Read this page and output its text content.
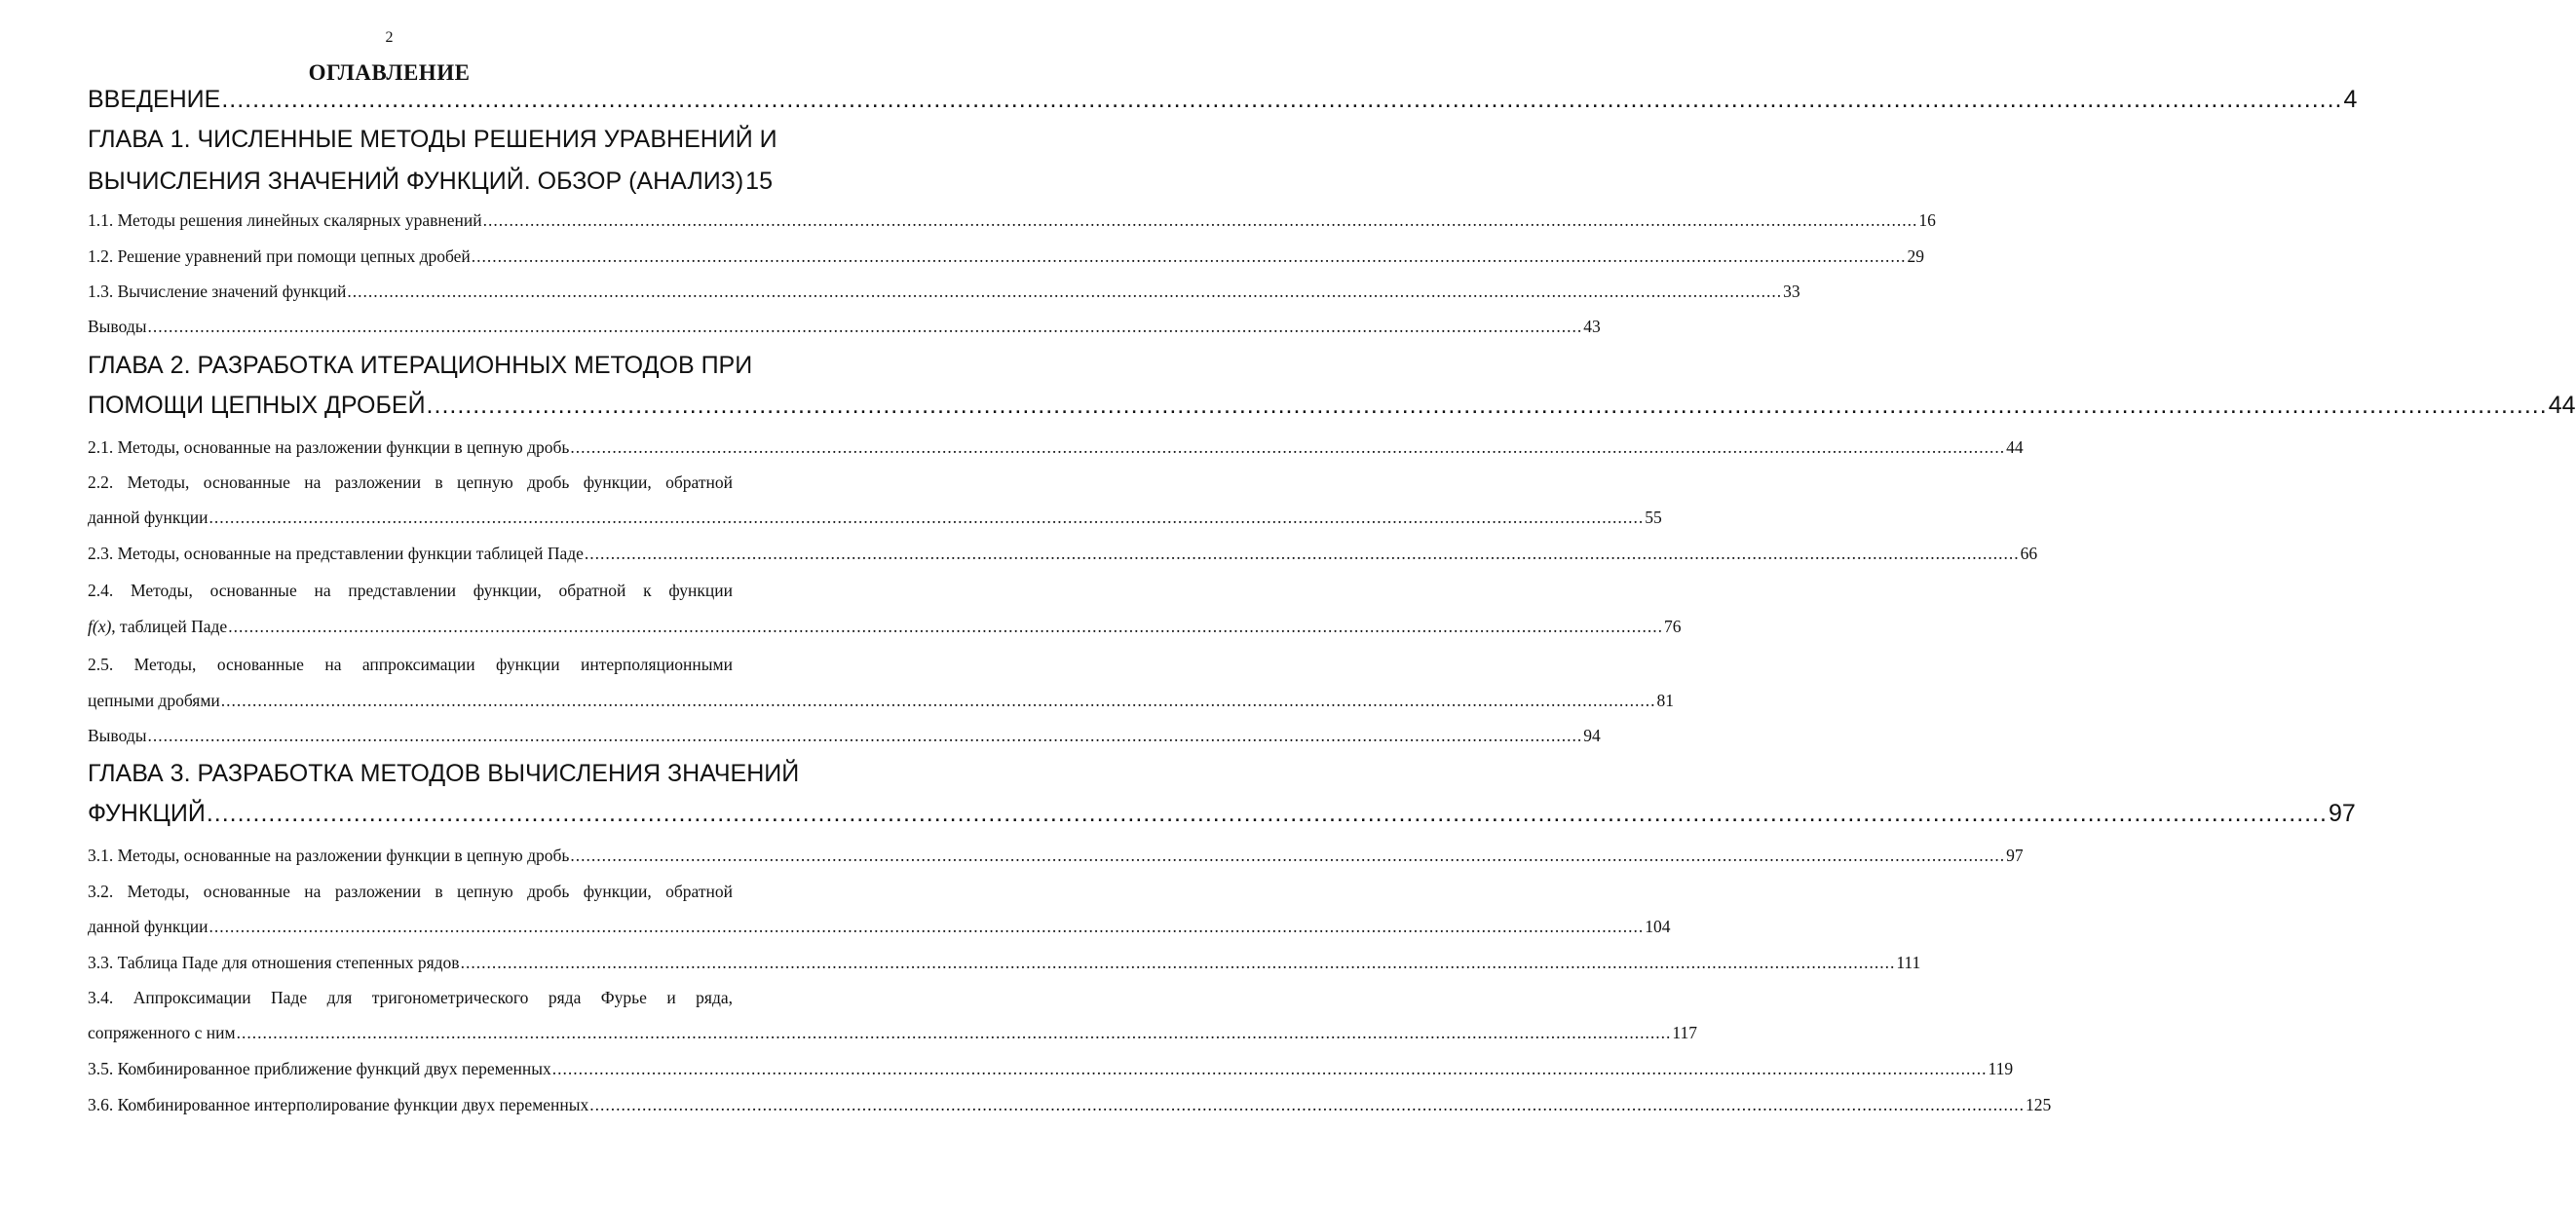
2
ОГЛАВЛЕНИЕ
ВВЕДЕНИЕ .....	4
ГЛАВА 1. ЧИСЛЕННЫЕ МЕТОДЫ РЕШЕНИЯ УРАВНЕНИЙ И
ВЫЧИСЛЕНИЯ ЗНАЧЕНИЙ ФУНКЦИЙ. ОБЗОР (АНАЛИЗ) 15
1.1. Методы решения линейных скалярных уравнений .....	16
1.2. Решение уравнений при помощи цепных дробей .....	29
1.3. Вычисление значений функций .....	33
Выводы .....	43
ГЛАВА 2. РАЗРАБОТКА ИТЕРАЦИОННЫХ МЕТОДОВ ПРИ
ПОМОЩИ ЦЕПНЫХ ДРОБЕЙ .....	44
2.1. Методы, основанные на разложении функции в цепную дробь .....	44
2.2. Методы, основанные на разложении в цепную дробь функции, обратной
данной функции .....	55
2.3. Методы, основанные на представлении функции таблицей Паде .....	66
2.4. Методы, основанные на представлении функции, обратной к функции
f(x), таблицей Паде .....	76
2.5. Методы, основанные на аппроксимации функции интерполяционными
цепными дробями .....	81
Выводы .....	94
ГЛАВА 3. РАЗРАБОТКА МЕТОДОВ ВЫЧИСЛЕНИЯ ЗНАЧЕНИЙ
ФУНКЦИЙ .....	97
3.1. Методы, основанные на разложении функции в цепную дробь .....	97
3.2. Методы, основанные на разложении в цепную дробь функции, обратной
данной функции .....	104
3.3. Таблица Паде для отношения степенных рядов .....	111
3.4. Аппроксимации Паде для тригонометрического ряда Фурье и ряда,
сопряженного с ним .....	117
3.5. Комбинированное приближение функций двух переменных .....	119
3.6. Комбинированное интерполирование функции двух переменных .....	125
